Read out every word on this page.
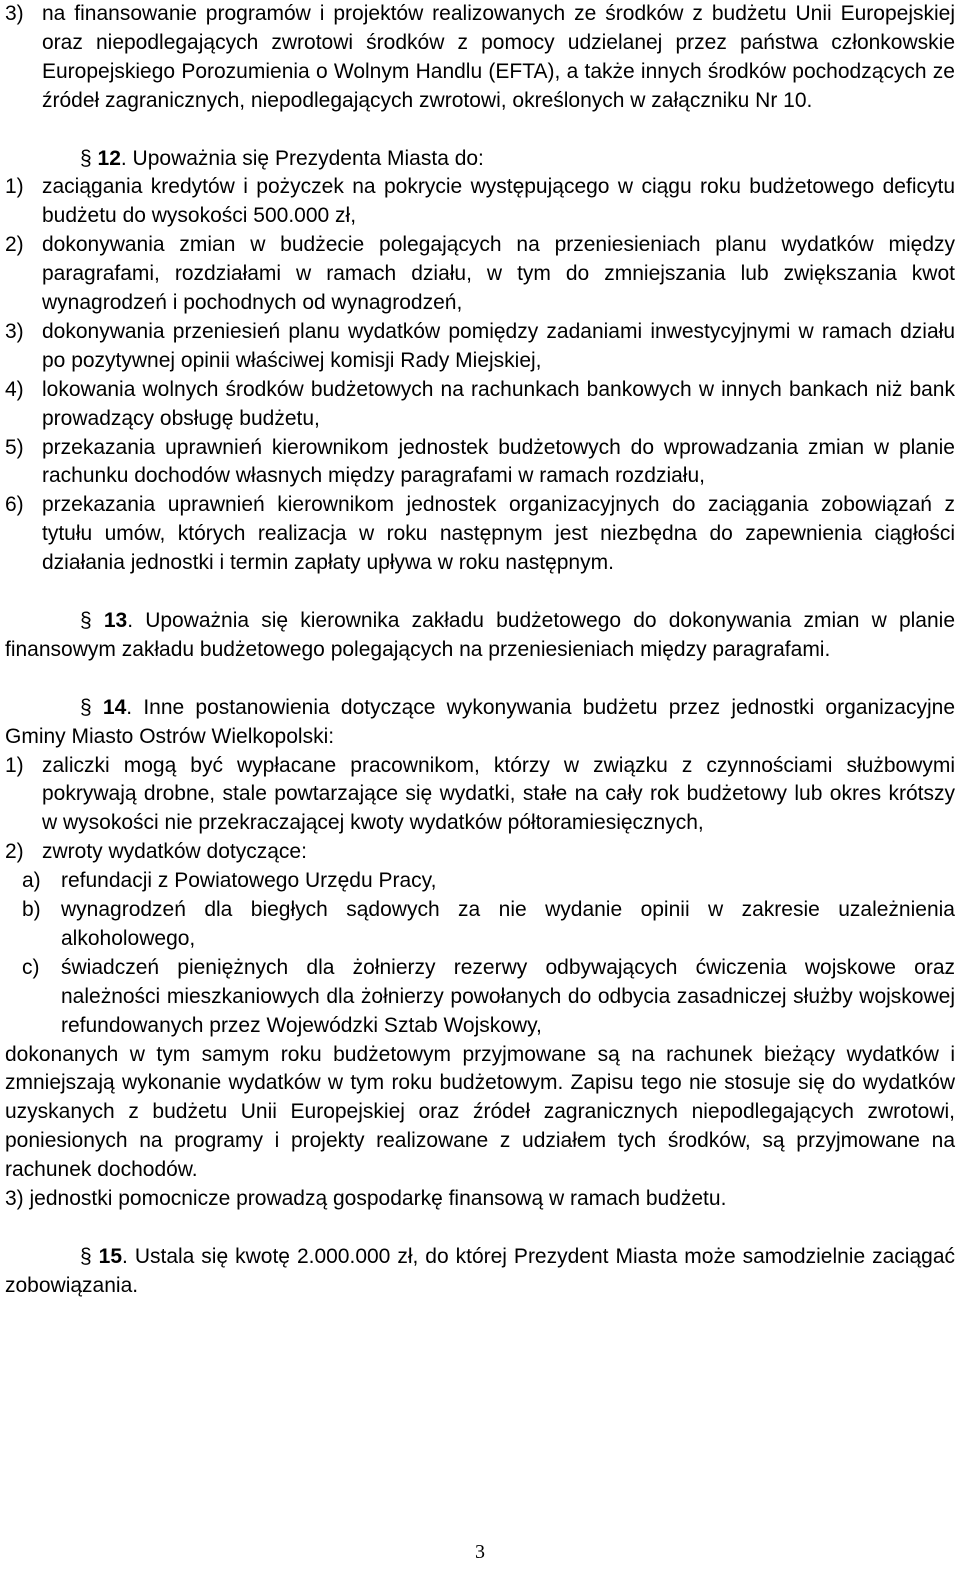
3) na finansowanie programów i projektów realizowanych ze środków z budżetu Unii Europejskiej oraz niepodlegających zwrotowi środków z pomocy udzielanej przez państwa członkowskie Europejskiego Porozumienia o Wolnym Handlu (EFTA), a także innych środków pochodzących ze źródeł zagranicznych, niepodlegających zwrotowi, określonych w załączniku Nr 10.

§ 12. Upoważnia się Prezydenta Miasta do:

1) zaciągania kredytów i pożyczek na pokrycie występującego w ciągu roku budżetowego deficytu budżetu do wysokości 500.000 zł,
2) dokonywania zmian w budżecie polegających na przeniesieniach planu wydatków między paragrafami, rozdziałami w ramach działu, w tym do zmniejszania lub zwiększania kwot wynagrodzeń i pochodnych od wynagrodzeń,
3) dokonywania przeniesień planu wydatków pomiędzy zadaniami inwestycyjnymi w ramach działu po pozytywnej opinii właściwej komisji Rady Miejskiej,
4) lokowania wolnych środków budżetowych na rachunkach bankowych w innych bankach niż bank prowadzący obsługę budżetu,
5) przekazania uprawnień kierownikom jednostek budżetowych do wprowadzania zmian w planie rachunku dochodów własnych między paragrafami w ramach rozdziału,
6) przekazania uprawnień kierownikom jednostek organizacyjnych do zaciągania zobowiązań z tytułu umów, których realizacja w roku następnym jest niezbędna do zapewnienia ciągłości działania jednostki i termin zapłaty upływa w roku następnym.

§ 13. Upoważnia się kierownika zakładu budżetowego do dokonywania zmian w planie finansowym zakładu budżetowego polegających na przeniesieniach między paragrafami.

§ 14. Inne postanowienia dotyczące wykonywania budżetu przez jednostki organizacyjne Gminy Miasto Ostrów Wielkopolski:

1) zaliczki mogą być wypłacane pracownikom, którzy w związku z czynnościami służbowymi pokrywają drobne, stale powtarzające się wydatki, stałe na cały rok budżetowy lub okres krótszy w wysokości nie przekraczającej kwoty wydatków półtoramiesięcznych,
2) zwroty wydatków dotyczące:
a) refundacji z Powiatowego Urzędu Pracy,
b) wynagrodzeń dla biegłych sądowych za nie wydanie opinii w zakresie uzależnienia alkoholowego,
c)	świadczeń pieniężnych dla żołnierzy rezerwy odbywających ćwiczenia wojskowe oraz należności mieszkaniowych dla żołnierzy powołanych do odbycia zasadniczej służby wojskowej refundowanych przez Wojewódzki Sztab Wojskowy,

dokonanych w tym samym roku budżetowym przyjmowane są na rachunek bieżący wydatków i zmniejszają wykonanie wydatków w tym roku budżetowym. Zapisu tego nie stosuje się do wydatków uzyskanych z budżetu Unii Europejskiej oraz źródeł zagranicznych niepodlegających zwrotowi, poniesionych na programy i projekty realizowane z udziałem tych środków, są przyjmowane na rachunek dochodów.

3) jednostki pomocnicze prowadzą gospodarkę finansową w ramach budżetu.

§ 15. Ustala się kwotę 2.000.000 zł, do której Prezydent Miasta może samodzielnie zaciągać zobowiązania.

3
